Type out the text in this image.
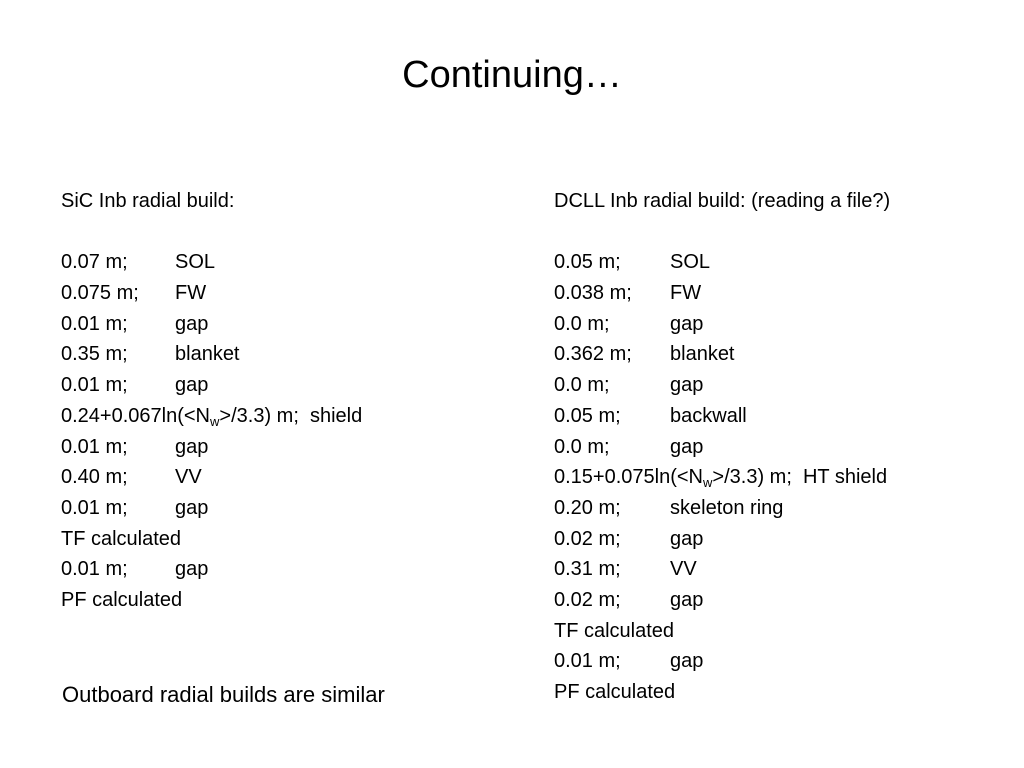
Continuing…
SiC Inb radial build:
0.07 m; SOL
0.075 m; FW
0.01 m; gap
0.35 m; blanket
0.01 m; gap
$0.24+0.067\ln(<N_w>/3.3)$ m;  shield
0.01 m; gap
0.40 m; VV
0.01 m; gap
TF calculated
0.01 m; gap
PF calculated
DCLL Inb radial build: (reading a file?)
0.05 m; SOL
0.038 m; FW
0.0 m;	gap
0.362 m; blanket
0.0 m;	gap
0.05 m; backwall
0.0 m;	gap
$0.15+0.075\ln(<N_w>/3.3)$ m;  HT shield
0.20 m; skeleton ring
0.02 m; gap
0.31 m; VV
0.02 m; gap
TF calculated
0.01 m; gap
PF calculated
Outboard radial builds are similar
